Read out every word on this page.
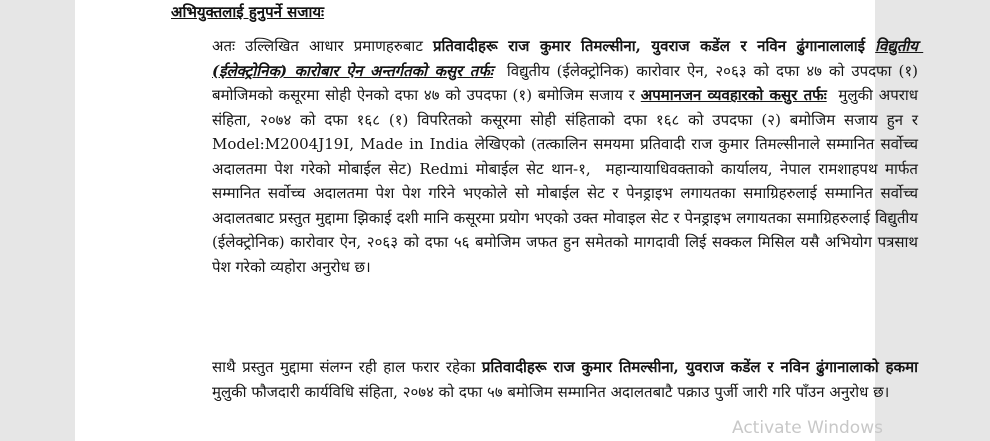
अभियुक्तलाई हुनुपर्ने सजायः
अतः उल्लिखित आधार प्रमाणहरुबाट प्रतिवादीहरू राज कुमार तिमल्सीना, युवराज कडेंल र नविन ढुंगानालालाई विद्युतीय (ईलेक्ट्रोनिक) कारोबार ऐन अन्तर्गतको कसुर तर्फः  विद्युतीय (ईलेक्ट्रोनिक) कारोवार ऐन, २०६३ को दफा ४७ को उपदफा (१) बमोजिमको कसूरमा सोही ऐनको दफा ४७ को उपदफा (१) बमोजिम सजाय र अपमानजन व्यवहारको कसुर तर्फः  मुलुकी अपराध संहिता, २०७४ को दफा १६८ (१) विपरितको कसूरमा सोही संहिताको दफा १६८ को उपदफा (२) बमोजिम सजाय हुन र Model:M2004J19I, Made in India लेखिएको (तत्कालिन समयमा प्रतिवादी राज कुमार तिमल्सीनाले सम्मानित सर्वोच्च अदालतमा पेश गरेको मोबाईल सेट) Redmi मोबाईल सेट थान-१,  महान्यायाधिवक्ताको कार्यालय, नेपाल रामशाहपथ मार्फत सम्मानित सर्वोच्च अदालतमा पेश पेश गरिने भएकोले सो मोबाईल सेट र पेनड्राइभ लगायतका समाग्रिहरुलाई सम्मानित सर्वोच्च अदालतबाट प्रस्तुत मुद्दामा झिकाई दशी मानि कसूरमा प्रयोग भएको उक्त मोवाइल सेट र पेनड्राइभ लगायतका समाग्रिहरुलाई विद्युतीय (ईलेक्ट्रोनिक) कारोवार ऐन, २०६३ को दफा ५६ बमोजिम जफत हुन समेतको मागदावी लिई सक्कल मिसिल यसै अभियोग पत्रसाथ पेश गरेको व्यहोरा अनुरोध छ।
साथै प्रस्तुत मुद्दामा संलग्न रही हाल फरार रहेका प्रतिवादीहरू राज कुमार तिमल्सीना, युवराज कडेंल र नविन ढुंगानालाको हकमा मुलुकी फौजदारी कार्यविधि संहिता, २०७४ को दफा ५७ बमोजिम सम्मानित अदालतबाटै पक्राउ पुर्जी जारी गरि पाँउन अनुरोध छ।
Activate Windows
